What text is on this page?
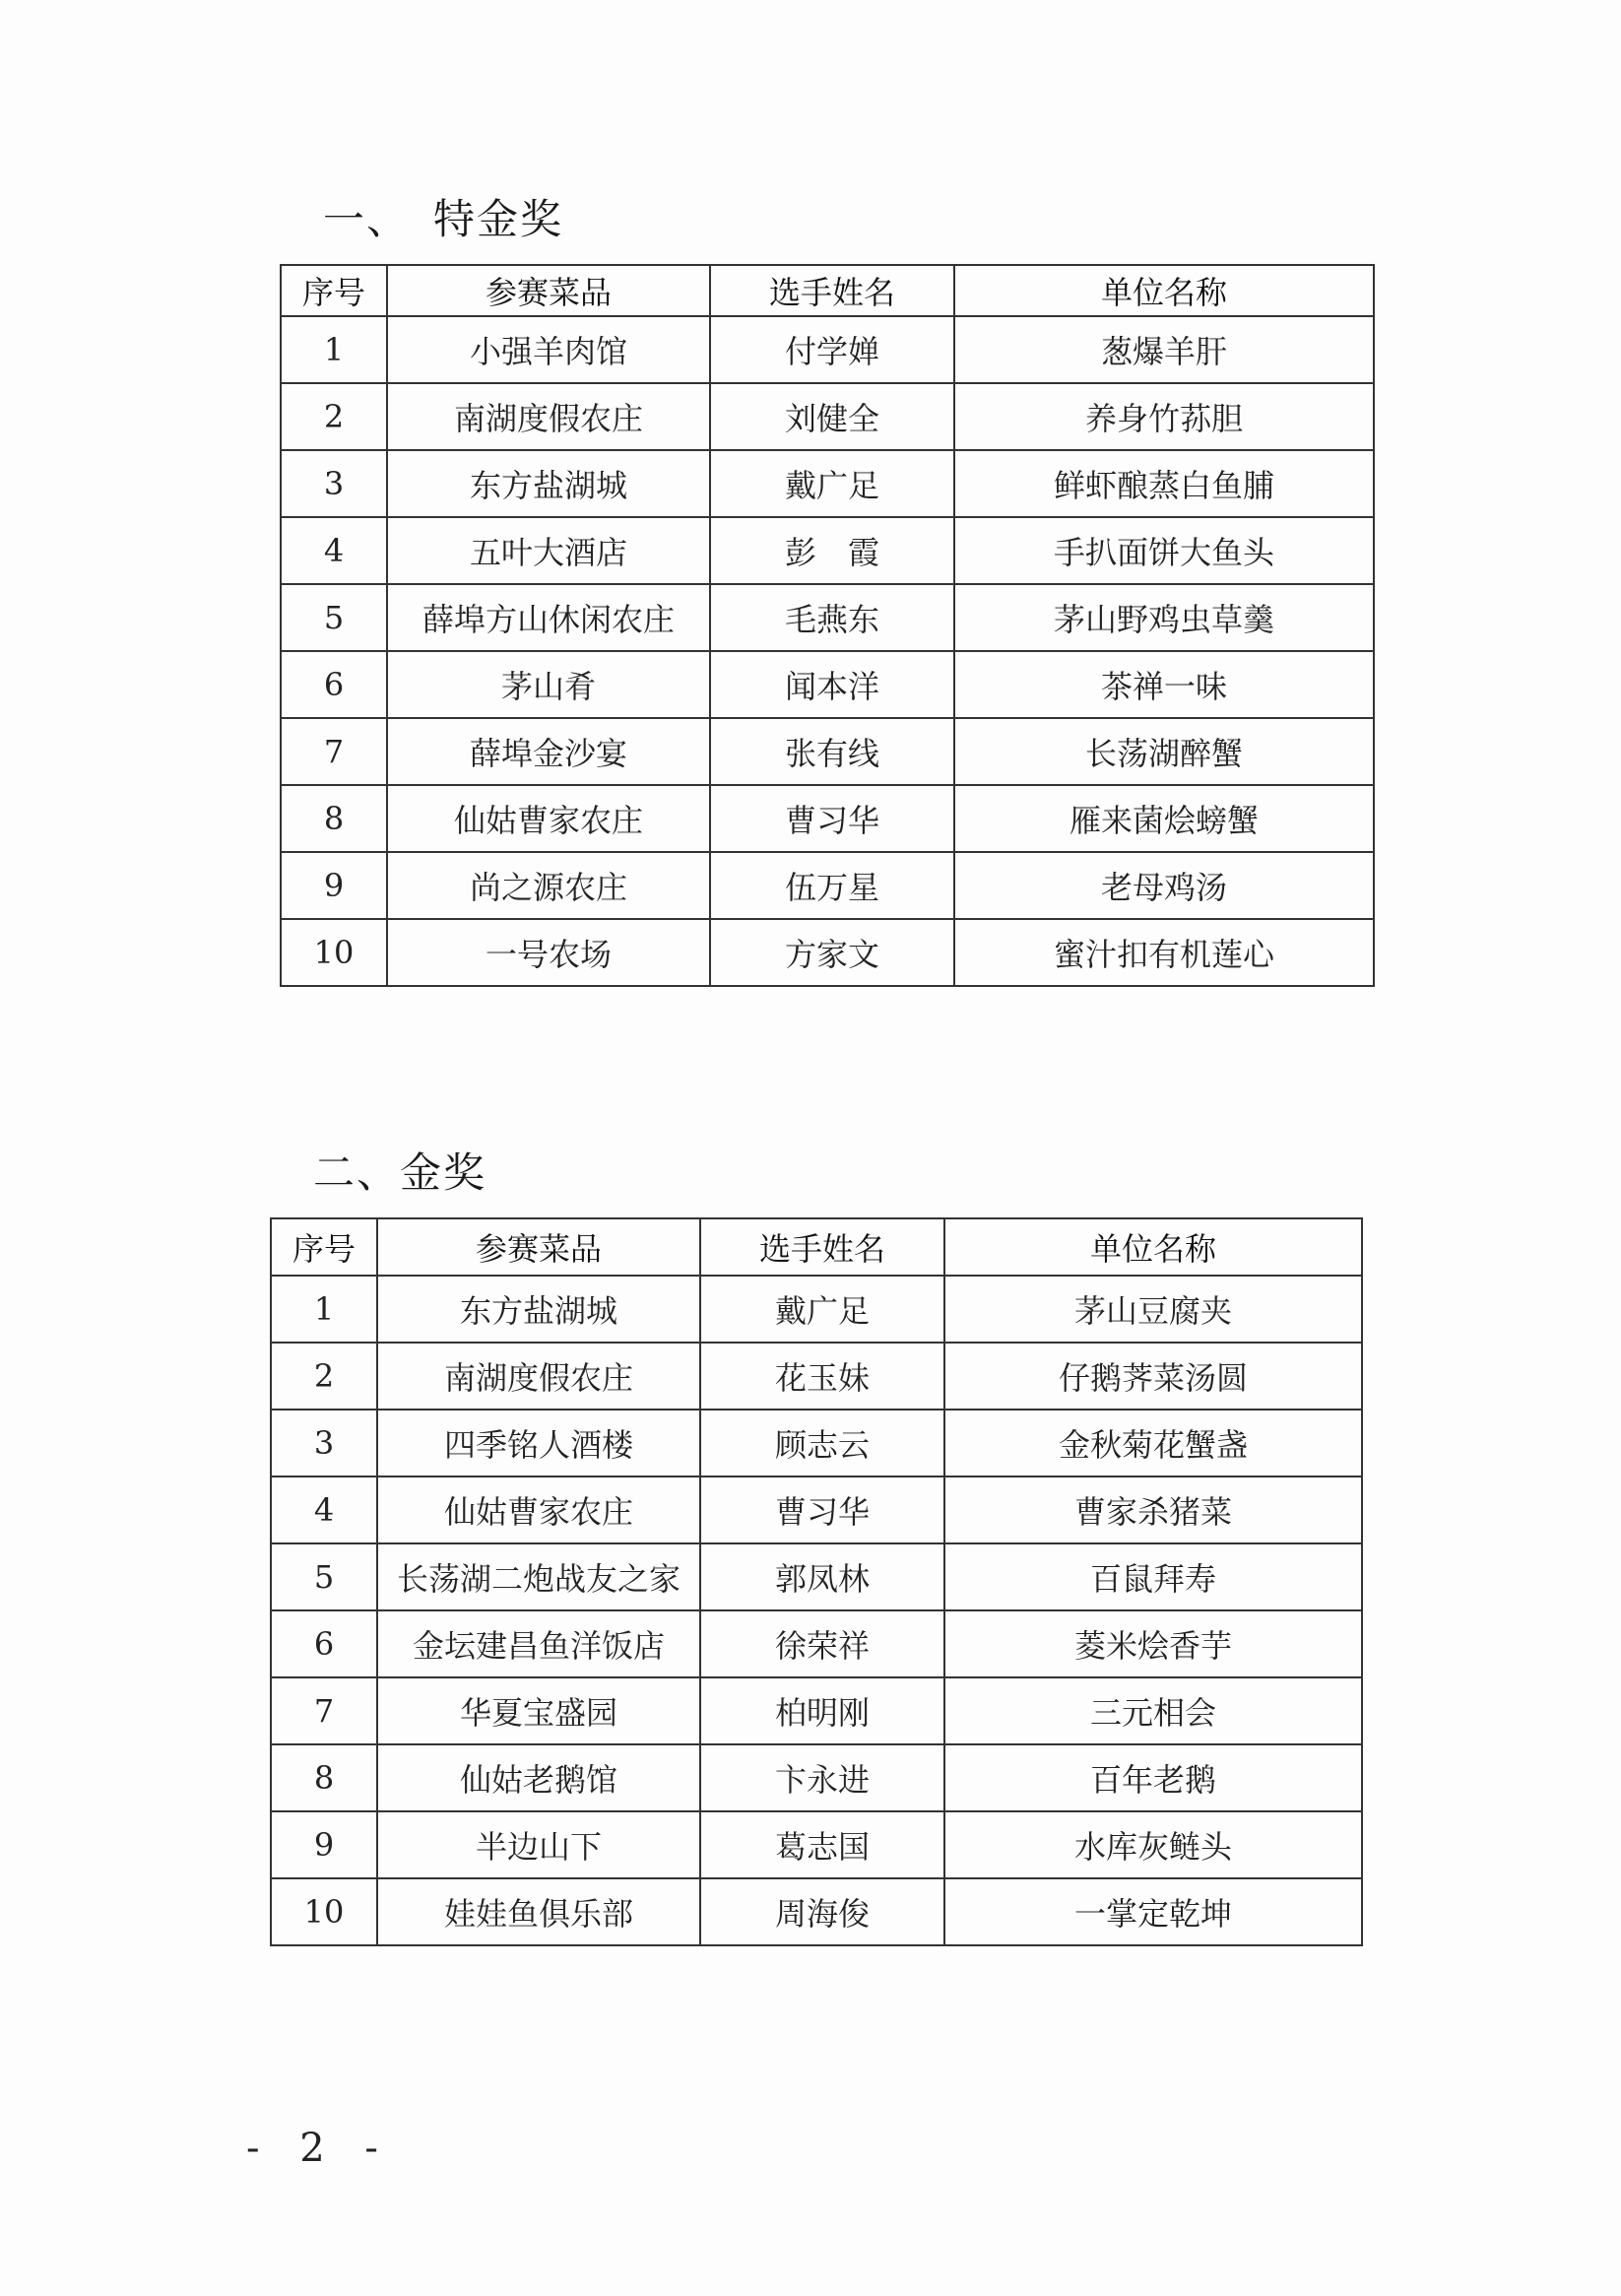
一、 特金奖
序号	参赛菜品	选手姓名	单位名称
1	小强羊肉馆	付学婵	葱爆羊肝
2	南湖度假农庄	刘健全	养身竹荪胆
3	东方盐湖城	戴广足	鲜虾酿蒸白鱼脯
4	五叶大酒店	彭　霞	手扒面饼大鱼头
5	薛埠方山休闲农庄	毛燕东	茅山野鸡虫草羹
6	茅山肴	闻本洋	茶禅一味
7	薛埠金沙宴	张有线	长荡湖醉蟹
8	仙姑曹家农庄	曹习华	雁来菌烩螃蟹
9	尚之源农庄	伍万星	老母鸡汤
10	一号农场	方家文	蜜汁扣有机莲心
二、金奖
序号	参赛菜品	选手姓名	单位名称
1	东方盐湖城	戴广足	茅山豆腐夹
2	南湖度假农庄	花玉妹	仔鹅荠菜汤圆
3	四季铭人酒楼	顾志云	金秋菊花蟹盏
4	仙姑曹家农庄	曹习华	曹家杀猪菜
5	长荡湖二炮战友之家	郭凤林	百鼠拜寿
6	金坛建昌鱼洋饭店	徐荣祥	菱米烩香芋
7	华夏宝盛园	柏明刚	三元相会
8	仙姑老鹅馆	卞永进	百年老鹅
9	半边山下	葛志国	水库灰鲢头
10	娃娃鱼俱乐部	周海俊	一掌定乾坤
- 2 -
